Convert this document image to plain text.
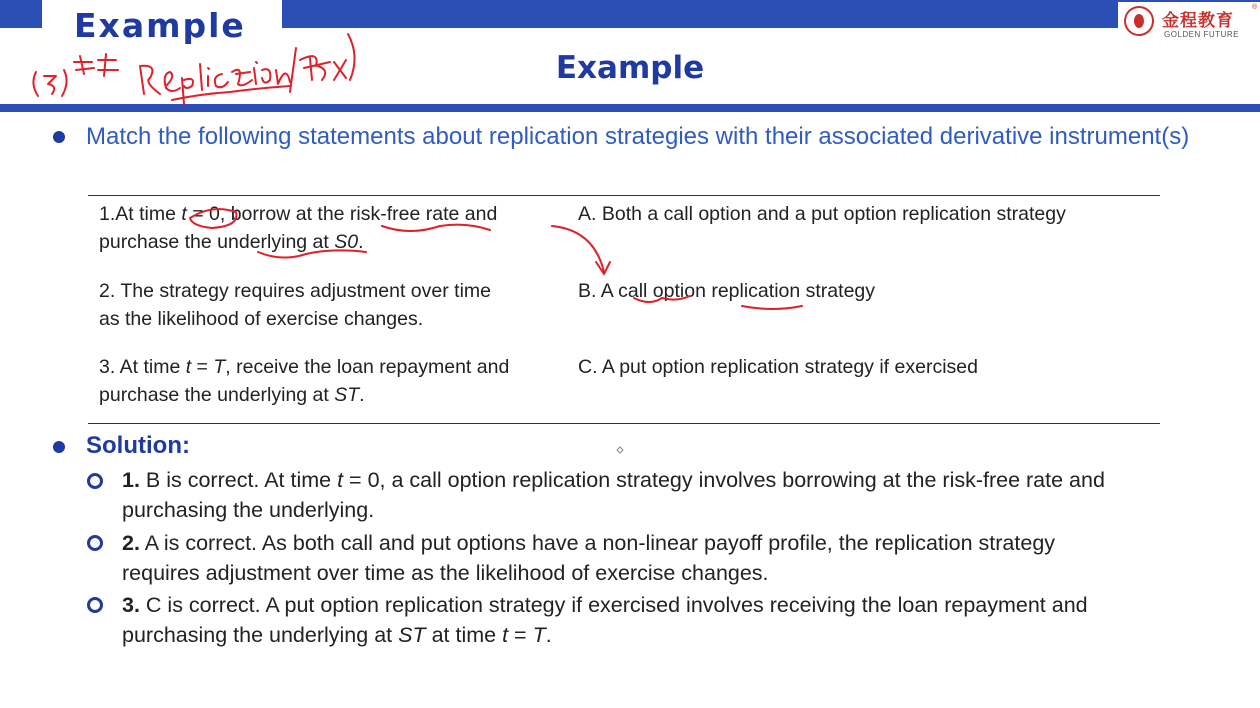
Example	金程教育
®
GOLDEN FUTURE
Example
Match the following statements about replication strategies with their associated derivative instrument(s)
1.At time t = 0, borrow at the risk-free rate and
purchase the underlying at S0.
2. The strategy requires adjustment over time
as the likelihood of exercise changes.
3. At time t = T, receive the loan repayment and
purchase the underlying at ST.
A. Both a call option and a put option replication strategy
B. A call option replication strategy
C. A put option replication strategy if exercised
Solution:
1. B is correct. At time t = 0, a call option replication strategy involves borrowing at the risk-free rate and
purchasing the underlying.
2. A is correct. As both call and put options have a non-linear payoff profile, the replication strategy
requires adjustment over time as the likelihood of exercise changes.
3. C is correct. A put option replication strategy if exercised involves receiving the loan repayment and
purchasing the underlying at ST at time t = T.
